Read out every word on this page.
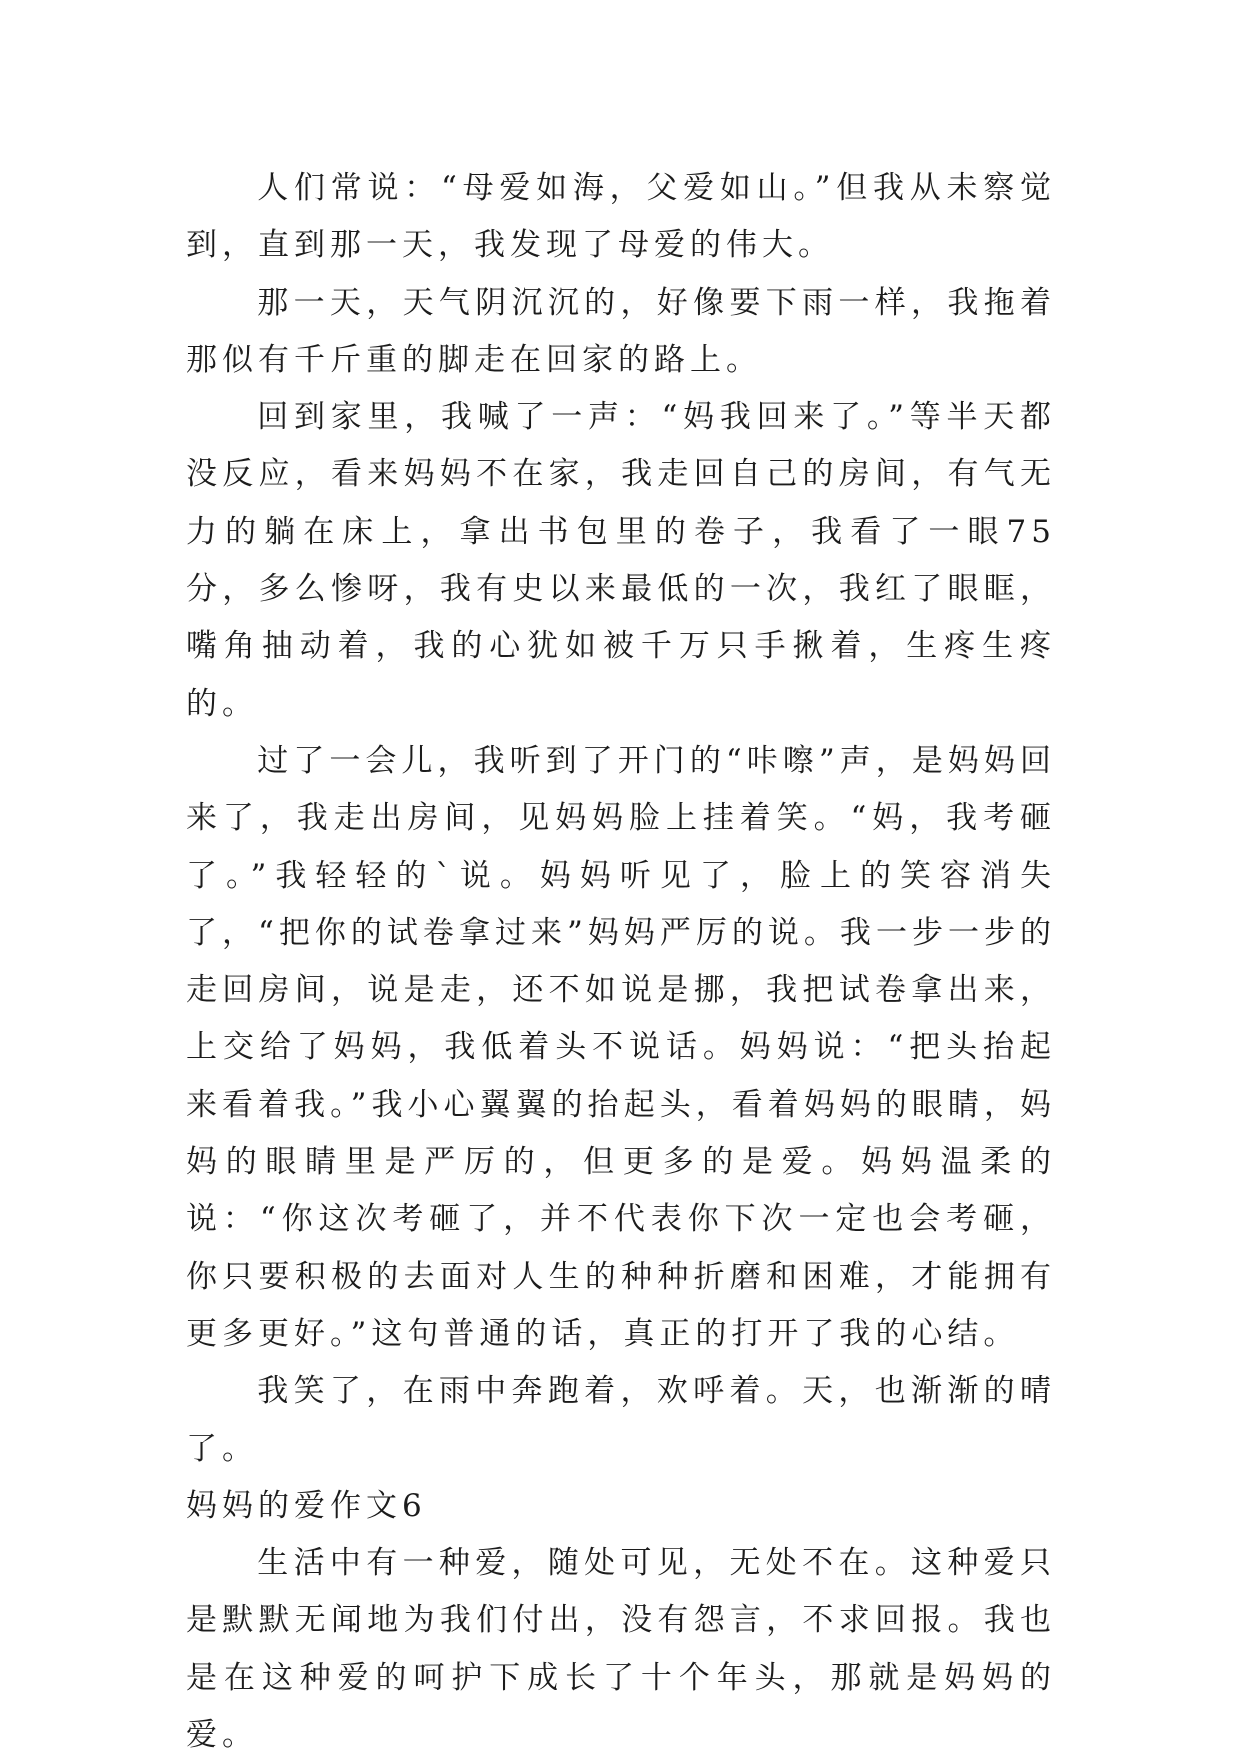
人们常说：“母爱如海，父爱如山。”但我从未察觉到，直到那一天，我发现了母爱的伟大。

那一天，天气阴沉沉的，好像要下雨一样，我拖着那似有千斤重的脚走在回家的路上。

回到家里，我喊了一声：“妈我回来了。”等半天都没反应，看来妈妈不在家，我走回自己的房间，有气无力的躺在床上，拿出书包里的卷子，我看了一眼75分，多么惨呀，我有史以来最低的一次，我红了眼眶，嘴角抽动着，我的心犹如被千万只手揪着，生疼生疼的。

过了一会儿，我听到了开门的“咔嚓”声，是妈妈回来了，我走出房间，见妈妈脸上挂着笑。“妈，我考砸了。”我轻轻的`说。妈妈听见了，脸上的笑容消失了，“把你的试卷拿过来”妈妈严厉的说。我一步一步的走回房间，说是走，还不如说是挪，我把试卷拿出来，上交给了妈妈，我低着头不说话。妈妈说：“把头抬起来看着我。”我小心翼翼的抬起头，看着妈妈的眼睛，妈妈的眼睛里是严厉的，但更多的是爱。妈妈温柔的说：“你这次考砸了，并不代表你下次一定也会考砸，你只要积极的去面对人生的种种折磨和困难，才能拥有更多更好。”这句普通的话，真正的打开了我的心结。

我笑了，在雨中奔跑着，欢呼着。天，也渐渐的晴了。

妈妈的爱作文6

生活中有一种爱，随处可见，无处不在。这种爱只是默默无闻地为我们付出，没有怨言，不求回报。我也是在这种爱的呵护下成长了十个年头，那就是妈妈的爱。
